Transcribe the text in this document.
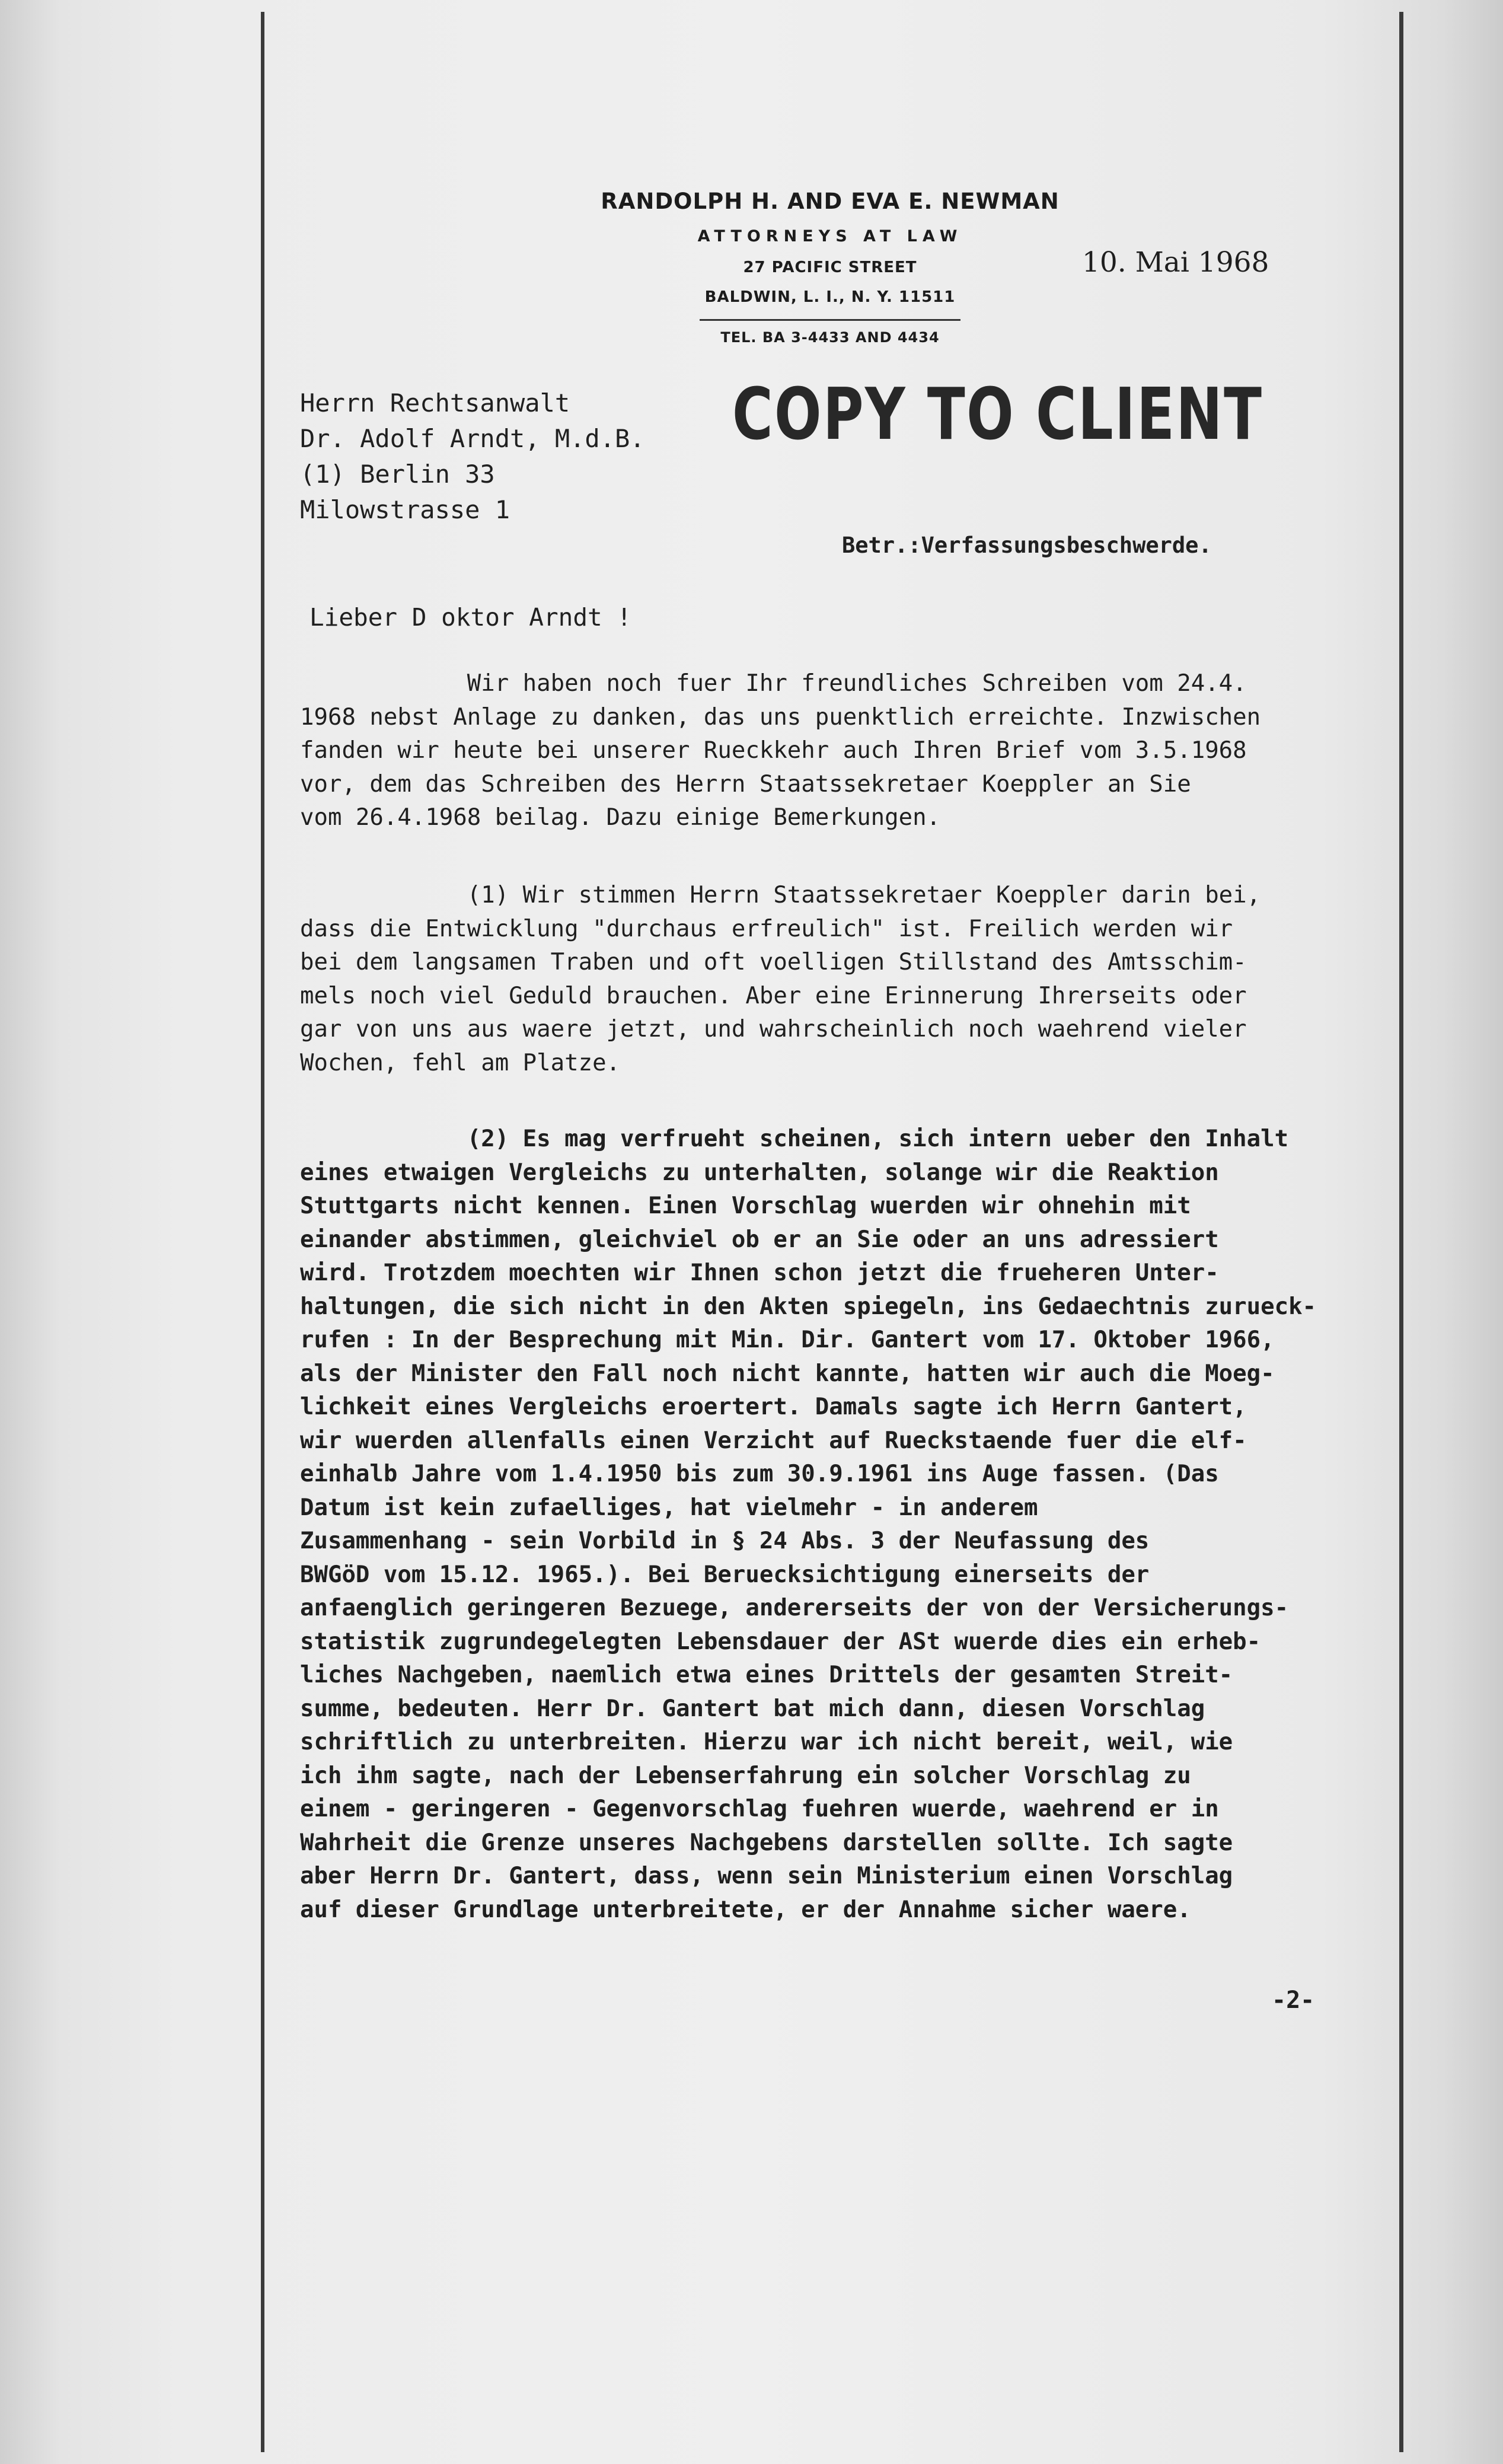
RANDOLPH H. AND EVA E. NEWMAN
ATTORNEYS AT LAW
27 PACIFIC STREET
BALDWIN, L. I., N. Y. 11511
TEL. BA 3-4433 AND 4434
10. Mai 1968
Herrn Rechtsanwalt
Dr. Adolf Arndt, M.d.B.
(1) Berlin 33
Milowstrasse 1
COPY TO CLIENT
Betr.:Verfassungsbeschwerde.
Lieber D oktor Arndt !
Wir haben noch fuer Ihr freundliches Schreiben vom 24.4.
1968 nebst Anlage zu danken, das uns puenktlich erreichte. Inzwischen
fanden wir heute bei unserer Rueckkehr auch Ihren Brief vom 3.5.1968
vor, dem das Schreiben des Herrn Staatssekretaer Koeppler an Sie
vom 26.4.1968 beilag. Dazu einige Bemerkungen.
(1) Wir stimmen Herrn Staatssekretaer Koeppler darin bei,
dass die Entwicklung "durchaus erfreulich" ist. Freilich werden wir
bei dem langsamen Traben und oft voelligen Stillstand des Amtsschim-
mels noch viel Geduld brauchen. Aber eine Erinnerung Ihrerseits oder
gar von uns aus waere jetzt, und wahrscheinlich noch waehrend vieler
Wochen, fehl am Platze.
(2) Es mag verfrueht scheinen, sich intern ueber den Inhalt
eines etwaigen Vergleichs zu unterhalten, solange wir die Reaktion
Stuttgarts nicht kennen. Einen Vorschlag wuerden wir ohnehin mit
einander abstimmen, gleichviel ob er an Sie oder an uns adressiert
wird. Trotzdem moechten wir Ihnen schon jetzt die frueheren Unter-
haltungen, die sich nicht in den Akten spiegeln, ins Gedaechtnis zurueck-
rufen : In der Besprechung mit Min. Dir. Gantert vom 17. Oktober 1966,
als der Minister den Fall noch nicht kannte, hatten wir auch die Moeg-
lichkeit eines Vergleichs eroertert. Damals sagte ich Herrn Gantert,
wir wuerden allenfalls einen Verzicht auf Rueckstaende fuer die elf-
einhalb Jahre vom 1.4.1950 bis zum 30.9.1961 ins Auge fassen. (Das
Datum ist kein zufaelliges, hat vielmehr - in anderem
Zusammenhang - sein Vorbild in § 24 Abs. 3 der Neufassung des
BWGöD vom 15.12. 1965.). Bei Beruecksichtigung einerseits der
anfaenglich geringeren Bezuege, andererseits der von der Versicherungs-
statistik zugrundegelegten Lebensdauer der ASt wuerde dies ein erheb-
liches Nachgeben, naemlich etwa eines Drittels der gesamten Streit-
summe, bedeuten. Herr Dr. Gantert bat mich dann, diesen Vorschlag
schriftlich zu unterbreiten. Hierzu war ich nicht bereit, weil, wie
ich ihm sagte, nach der Lebenserfahrung ein solcher Vorschlag zu
einem - geringeren - Gegenvorschlag fuehren wuerde, waehrend er in
Wahrheit die Grenze unseres Nachgebens darstellen sollte. Ich sagte
aber Herrn Dr. Gantert, dass, wenn sein Ministerium einen Vorschlag
auf dieser Grundlage unterbreitete, er der Annahme sicher waere.
-2-
